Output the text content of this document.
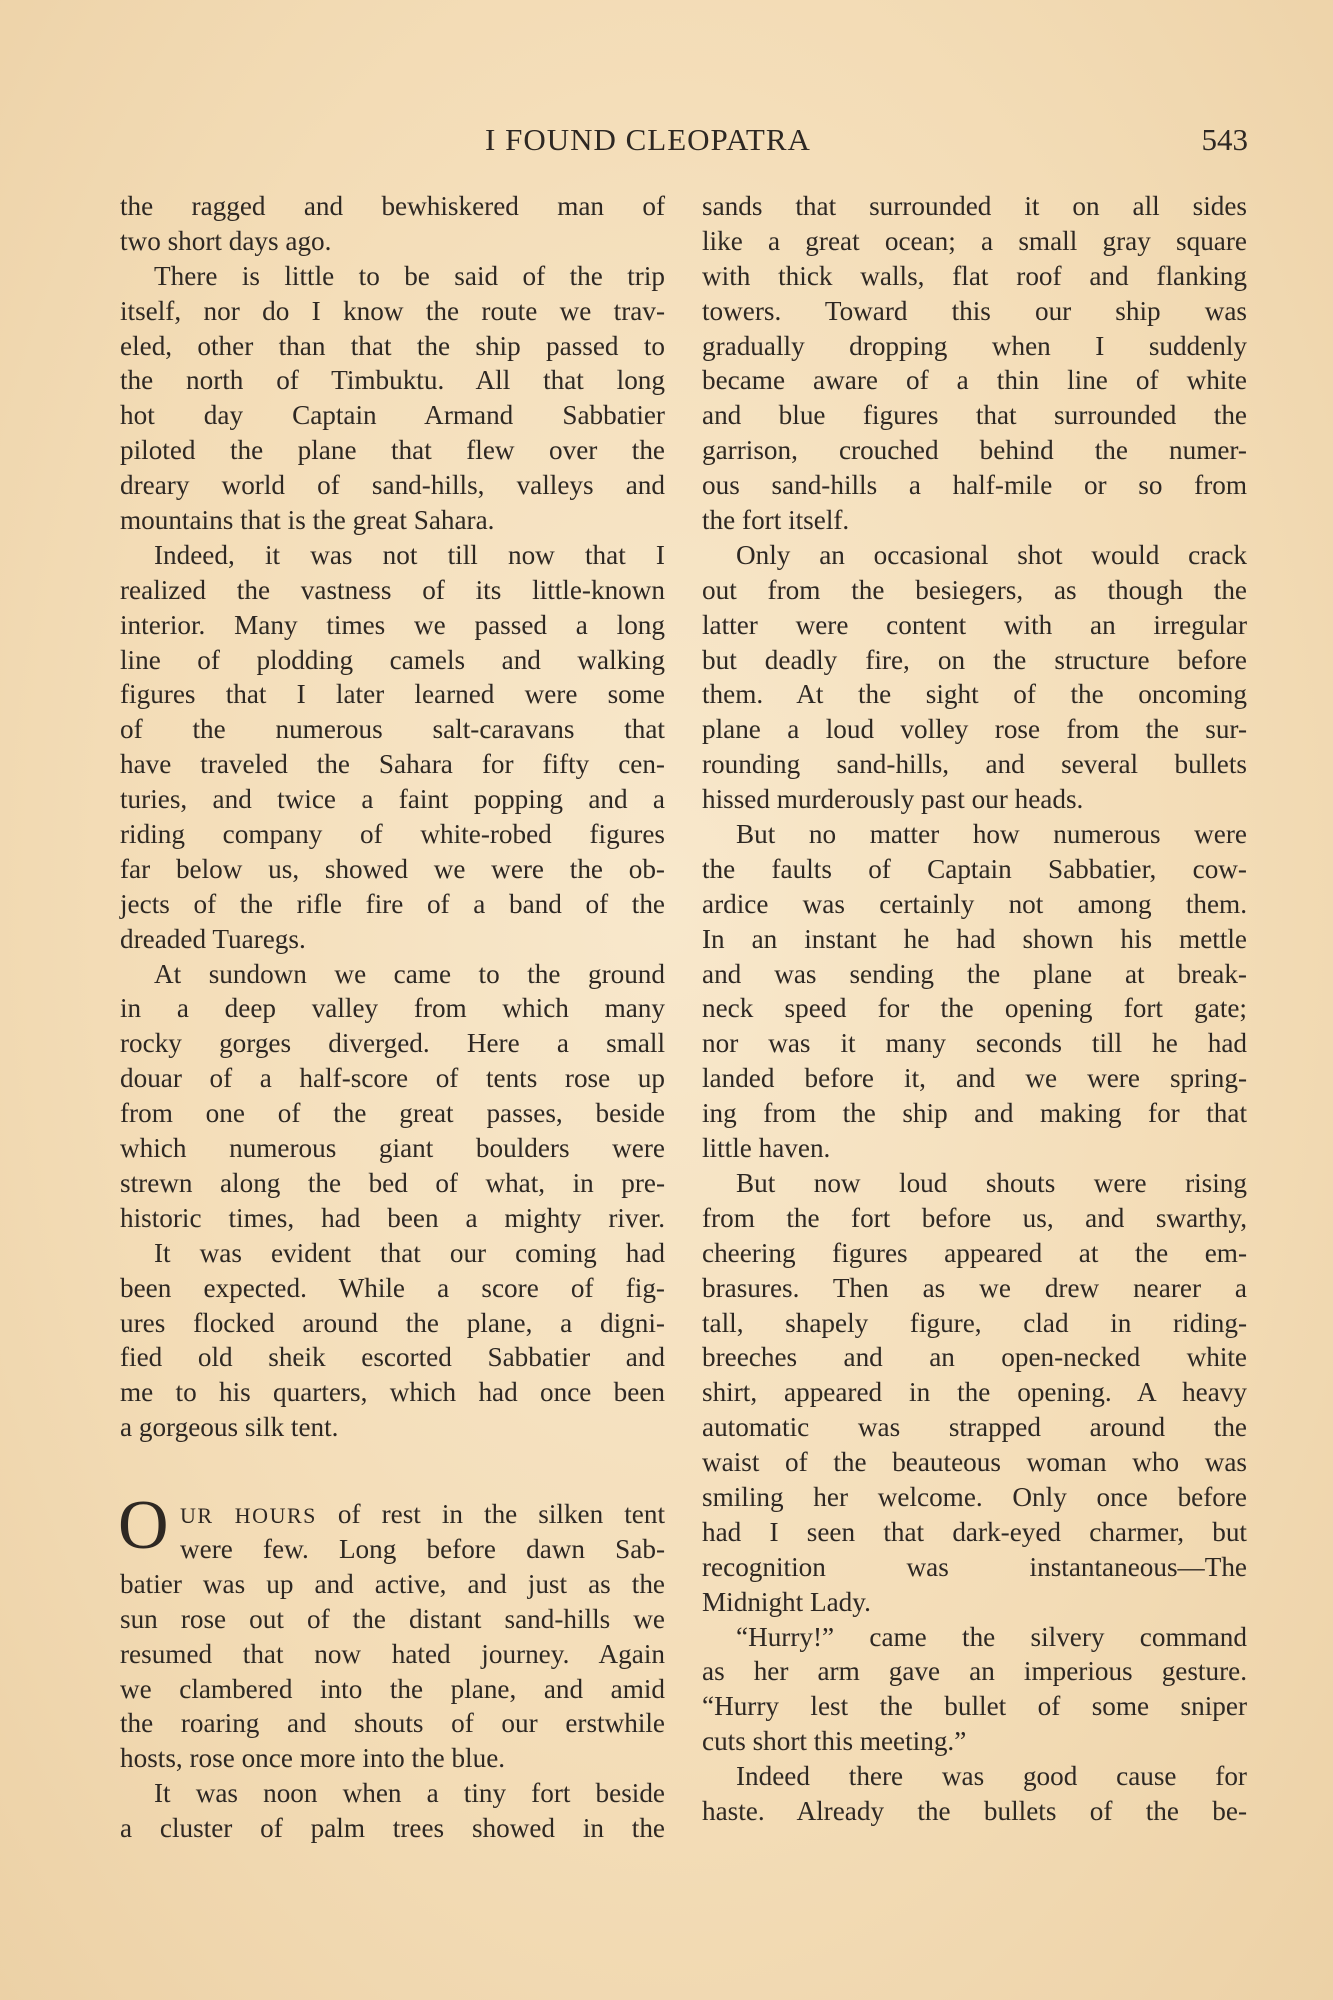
I FOUND CLEOPATRA	543
the ragged and bewhiskered man of
two short days ago.
There is little to be said of the trip
itself, nor do I know the route we trav-
eled, other than that the ship passed to
the north of Timbuktu. All that long
hot day Captain Armand Sabbatier
piloted the plane that flew over the
dreary world of sand-hills, valleys and
mountains that is the great Sahara.
Indeed, it was not till now that I
realized the vastness of its little-known
interior. Many times we passed a long
line of plodding camels and walking
figures that I later learned were some
of the numerous salt-caravans that
have traveled the Sahara for fifty cen-
turies, and twice a faint popping and a
riding company of white-robed figures
far below us, showed we were the ob-
jects of the rifle fire of a band of the
dreaded Tuaregs.
At sundown we came to the ground
in a deep valley from which many
rocky gorges diverged. Here a small
douar of a half-score of tents rose up
from one of the great passes, beside
which numerous giant boulders were
strewn along the bed of what, in pre-
historic times, had been a mighty river.
It was evident that our coming had
been expected. While a score of fig-
ures flocked around the plane, a digni-
fied old sheik escorted Sabbatier and
me to his quarters, which had once been
a gorgeous silk tent.
O UR HOURS of rest in the silken tent
were few. Long before dawn Sab-
batier was up and active, and just as the
sun rose out of the distant sand-hills we
resumed that now hated journey. Again
we clambered into the plane, and amid
the roaring and shouts of our erstwhile
hosts, rose once more into the blue.
It was noon when a tiny fort beside
a cluster of palm trees showed in the
sands that surrounded it on all sides
like a great ocean; a small gray square
with thick walls, flat roof and flanking
towers. Toward this our ship was
gradually dropping when I suddenly
became aware of a thin line of white
and blue figures that surrounded the
garrison, crouched behind the numer-
ous sand-hills a half-mile or so from
the fort itself.
Only an occasional shot would crack
out from the besiegers, as though the
latter were content with an irregular
but deadly fire, on the structure before
them. At the sight of the oncoming
plane a loud volley rose from the sur-
rounding sand-hills, and several bullets
hissed murderously past our heads.
But no matter how numerous were
the faults of Captain Sabbatier, cow-
ardice was certainly not among them.
In an instant he had shown his mettle
and was sending the plane at break-
neck speed for the opening fort gate;
nor was it many seconds till he had
landed before it, and we were spring-
ing from the ship and making for that
little haven.
But now loud shouts were rising
from the fort before us, and swarthy,
cheering figures appeared at the em-
brasures. Then as we drew nearer a
tall, shapely figure, clad in riding-
breeches and an open-necked white
shirt, appeared in the opening. A heavy
automatic was strapped around the
waist of the beauteous woman who was
smiling her welcome. Only once before
had I seen that dark-eyed charmer, but
recognition was instantaneous—The
Midnight Lady.
“Hurry!” came the silvery command
as her arm gave an imperious gesture.
“Hurry lest the bullet of some sniper
cuts short this meeting.”
Indeed there was good cause for
haste. Already the bullets of the be-
